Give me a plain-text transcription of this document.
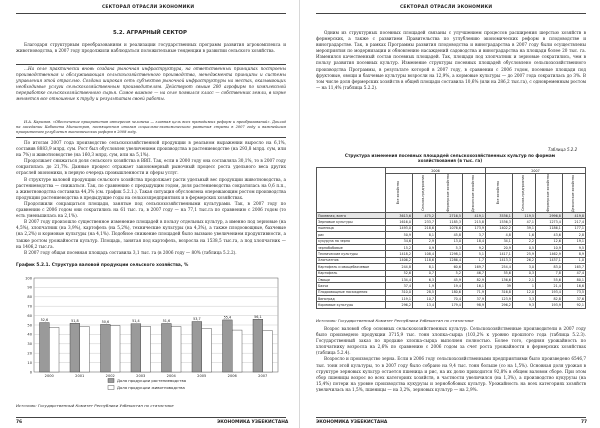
СЕКТОРАЛ ОТРАСЛИ ЭКОНОМИКИ
5.2. АГРАРНЫЙ СЕКТОР

Благодаря структурным преобразованиям и реализации государственных программ развития агрокомплекса и животноводства, в 2007 году продолжили наблюдаться положительные тенденции в развитии сельского хозяйства.

...На селе практически вновь создана рыночная инфраструктура, на ответственных принципах построены производственная и обслуживающая сельскохозяйственного производства, менеджмента принципы и системы управления этой отраслью. Создана широкая сеть субъектов рыночной инфраструктуры на местах, оказывающих необходимые услуги сельскохозяйственным производителям. Действуют свыше 200 агрофирм по комплексной переработке сельскохозяйственного сырья. Самое важное — на селе появился класс — собственник земли, в корне меняется все отношение к труду и результатам своей работы.

И.А. Каримов. «Обеспечение приоритетов интересов человека — главная цель всех проводимых реформ и преобразований». Доклад на заседании Кабинета Министров, посвященном итогам социально-экономического развития страны в 2007 году и важнейшим приоритетам углубления экономических реформ в 2008 году.

По итогам 2007 года производство сельскохозяйственной продукции в реальном выражении выросло на 6,1%, составив 8883,9 млрд. сум. Рост был обусловлен увеличением производства в растениеводстве (на 293,8 млрд. сум, или на 7%) и животноводстве (на 160,3 млрд. сум, или на 5,1%).

Продолжает снижаться доля сельского хозяйства в ВВП. Так, если в 2000 году она составляла 30,1%, то в 2007 году сократилась до 21,7%. Данные процесс отражает закономерный рыночный процесс роста удельного веса других отраслей экономики, в первую очередь промышленности и сферы услуг.

В структуре валовой продукции сельского хозяйства продолжает расти удельный вес продукции животноводства, а растениеводства — снижаться. Так, по сравнению с предыдущим годом, доля растениеводства сократилась на 0,6 п.п., а животноводства составила 44,3% (см. график 5.2.1.). Такая ситуация обусловлена опережающим ростом производства продукции растениеводства в предыдущие годы на сельхозпредприятиях и в фермерских хозяйствах.

Продолжили сокращаться площади, занятые под сельскохозяйственными культурами. Так, в 2007 году по сравнению с 2006 годом они сократились на 61 тыс. га, в 2007 году — на 77,1 тыс.га по сравнению с 2006 годом (то есть уменьшилась на 2,1%).

В 2007 году произошло существенное изменение площадей в пользу отдельных культур, а именно под зерновые (на 4,5%), хлопчатник (на 3,9%), картофель (на 5,2%), технические культуры (на 4,3%), а также плодоовощные, бахчевые (на 2,2%) и кормовые культуры (на 4,1%). Подобное снижение площадей было вызвано увеличением продуктивности, а также ростом урожайности культур. Площадь, занятая под картофель, возросла на 1538,5 тыс.га, а под хлопчатник — на 1406,2 тыс.га.

В 2007 году общая посевная площадь составила 3,1 тыс. га (в 2006 году — 80% (таблица 5.2.2).

График 5.2.1. Структура валовой продукции сельского хозяйства, %
0
10
20
30
40
50
60
70
80
90
100
52,6
2000
51,8
2001
50,6
2002
51,4
2003
51,6
2004
53,7
2005
55,4
2006
56,1
2007
Доля продукции растениеводства
Доля продукции животноводства
Источник: Государственный Комитет Республики Узбекистан по статистике
76	ЭКОНОМИКА УЗБЕКИСТАНА
СЕКТОРАЛ ОТРАСЛИ ЭКОНОМИКИ

Одним из структурных посевных площадей связаны с улучшением процессов расширения шерстью хозяйств в фермерских, а также с развитием Правительства по углублению экономических реформ в плодоводстве и виноградарстве. Так, в рамках Программы развития плодоводства и виноградарства в 2007 году были осуществлены мероприятия по модернизации и обновлению насаждений садоводства и виноградарства на площади более 20 тыс. га. Изменился качественный состав посевных площадей. Так, площади под хлопчатник и зерновые сократились, чем в пользу развития посевных культур. Изменение структуры посевных площадей обусловлено сельскохозяйственного производства Программы, в результате которой в 2007 году, в сравнении с 2006 годом, посевные площади под фруктовые, овощи и бахчевые культуры возросли на 12,9%, а кормовые культуры — до 2007 года сократилась до 3%. В том числе доля фермерских хозяйств в общей площади составила 10,6% (или на 286,2 тыс.га), с одновременным ростом — на 11,4% (таблица 5.2.2).

Таблица 5.2.2
Структура изменения посевных площадей сельскохозяйственных культур по формам хозяйствования (в тыс. га)
	2006				2007			

	Все хозяйства	Сельхоз-предприятия	Фермерские хозяйства	Дехканские хозяйства	Все хозяйства	Сельхоз-предприятия	Фермерские хозяйства	Дехканские хозяйства

Посевная, всего	3613,6	475,2	2716,5	419,1	3536,1	119,5	2996,8	419,8
Зерновые культуры	1616,0	233,7	1185,3	215,8	1536,3	47,1	1273,4	217,4
пшеница	1493,0	218,6	1076,6	173,9	1402,2	39,1	1186,1	177,1
рис	50,9	8,1	45,8	3,7	4,8	1,6	43,6	2,8
кукуруза на зерно	34,6	2,9	13,0	18,4	34,1	2,2	12,6	19,1
зернобобовые	15,2	0,9	5,3	9,2	20,9	0,5	10,9	9,5
Технические культуры	1418,2	108,4	1298,1	5,1	1417,1	25,9	1462,9	8,9
Хлопчатник	1406,2	118,6	1286,4	1,7	1413,3	26,2	1437,1	1,0
Картофель и овощебахчевые	244,8	8,1	60,6	169,7	254,4	3,0	83,0	165,7
Картофель	52,6	0,7	5,2	46,7	55,6	0,3	7,8	47,4
Овощи	134,4	6,3	45,9	82,9	136,6	2,1	55,6	80,1
Бахча	37,4	1,9	19,4	16,1	39	1	21,4	16,6
Плодоовощные насаждения	310,0	28,5	180,6	71,9	316,8	12,0	193,4	73,5
Виноград	119,1	10,7	70,4	37,9	123,9	3,3	82,8	37,6
Кормовые культуры	296,2	13,4	179,4	98,9	296,2	9,3	193,9	92,1
Источник: Государственный Комитет Республики Узбекистан по статистике

Возрос валовой сбор основных сельскохозяйственных культур. Сельскохозяйственные производители в 2007 году было произведено продукции 3715,9 тыс. тонн хлопка-сырца (103,2% к уровню прошлого года (таблица 5.2.3). Государственный заказ по продаже хлопка-сырца выполнен полностью. Более того, средняя урожайность по хлопчатнику возросла на 2,6% по сравнению с 2006 годом за счет роста урожайности в фермерских хозяйствах (таблица 5.2.4).

Возросло и производство зерна. Если в 2006 году сельскохозяйственными предприятиями было произведено 6546,7 тыс. тонн этой культуры, то в 2007 году было собрано на 9,4 тыс. тонн больше (со на 1,5%). Основная доля урожая в структуре зерновых культур остается пшеница и рис, на их долю приходится 92,8% в общем валовом сборе. При этом сбор пшеницы возрос во всех категориях хозяйств, в частности увеличился (на 1,3%), а производство кукурузы (на 15,4%) потери на уровне производства кукурузы и зернобобовых культур. Урожайность на всех категориях хозяйств увеличилась на 1,5%, пшеницы — на 3,2%, зерновых культур — на 2,9%.

ЭКОНОМИКА УЗБЕКИСТАНА	77
